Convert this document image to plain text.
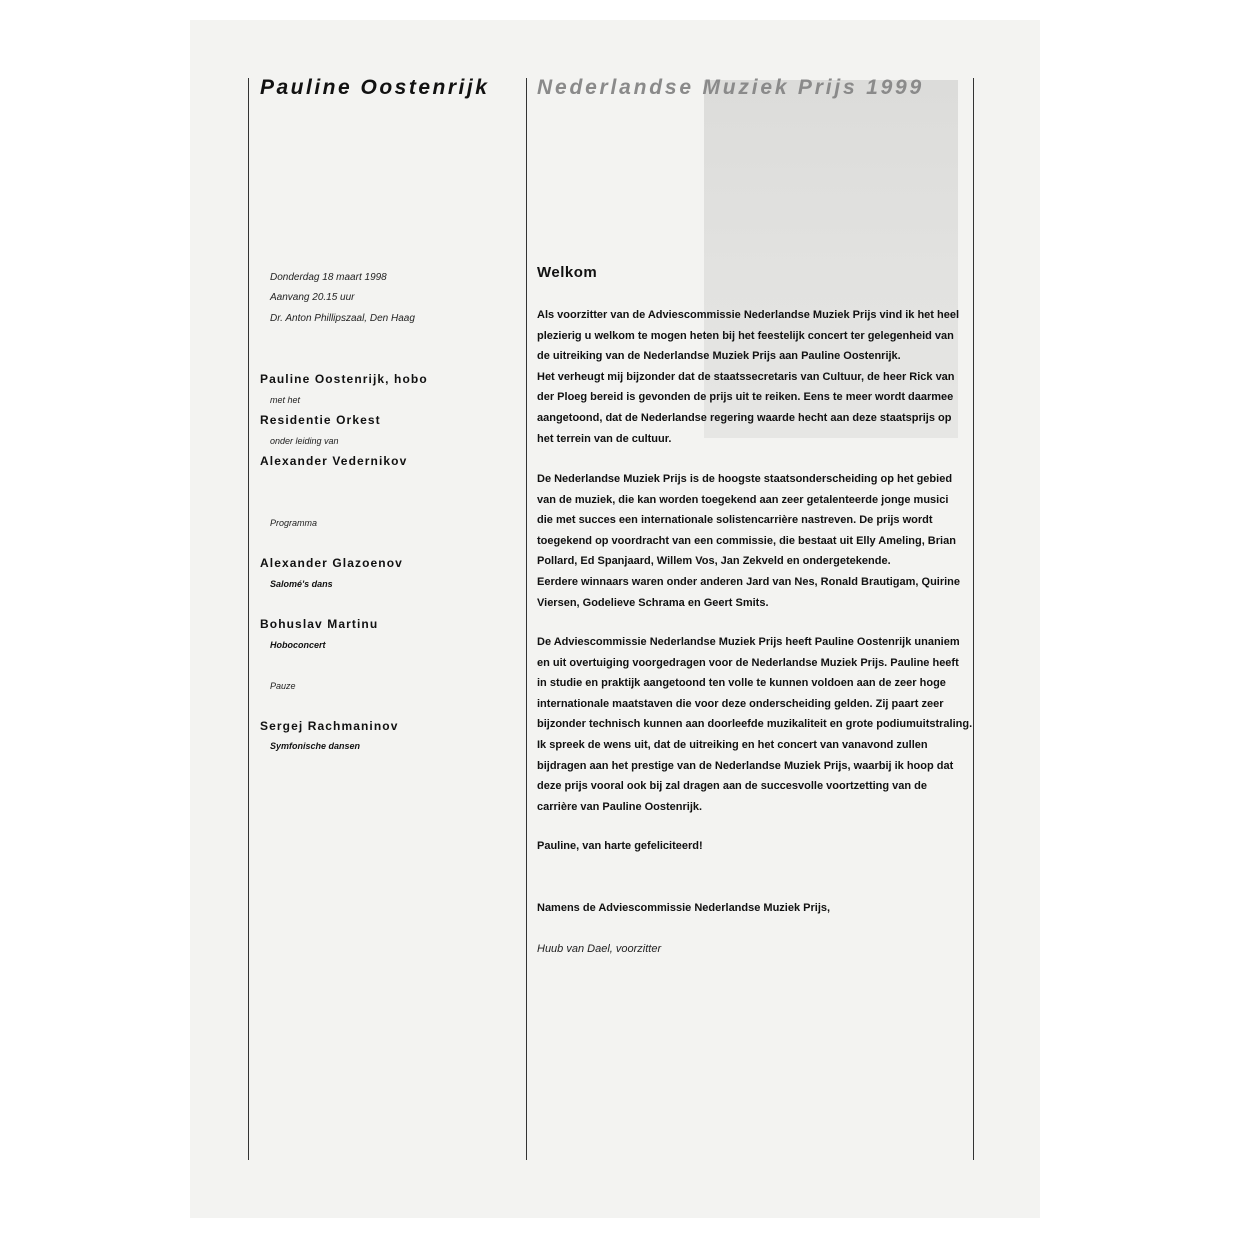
Pauline Oostenrijk Nederlandse Muziek Prijs 1999
Donderdag 18 maart 1998
Aanvang 20.15 uur
Dr. Anton Phillipszaal, Den Haag
Pauline Oostenrijk, hobo
met het
Residentie Orkest
onder leiding van
Alexander Vedernikov
Programma
Alexander Glazoenov
Salomé's dans
Bohuslav Martinu
Hoboconcert
Pauze
Sergej Rachmaninov
Symfonische dansen
Welkom
Als voorzitter van de Adviescommissie Nederlandse Muziek Prijs vind ik het heel
plezierig u welkom te mogen heten bij het feestelijk concert ter gelegenheid van
de uitreiking van de Nederlandse Muziek Prijs aan Pauline Oostenrijk.
Het verheugt mij bijzonder dat de staatssecretaris van Cultuur, de heer Rick van
der Ploeg bereid is gevonden de prijs uit te reiken. Eens te meer wordt daarmee
aangetoond, dat de Nederlandse regering waarde hecht aan deze staatsprijs op
het terrein van de cultuur.
De Nederlandse Muziek Prijs is de hoogste staatsonderscheiding op het gebied
van de muziek, die kan worden toegekend aan zeer getalenteerde jonge musici
die met succes een internationale solistencarrière nastreven. De prijs wordt
toegekend op voordracht van een commissie, die bestaat uit Elly Ameling, Brian
Pollard, Ed Spanjaard, Willem Vos, Jan Zekveld en ondergetekende.
Eerdere winnaars waren onder anderen Jard van Nes, Ronald Brautigam, Quirine
Viersen, Godelieve Schrama en Geert Smits.
De Adviescommissie Nederlandse Muziek Prijs heeft Pauline Oostenrijk unaniem
en uit overtuiging voorgedragen voor de Nederlandse Muziek Prijs. Pauline heeft
in studie en praktijk aangetoond ten volle te kunnen voldoen aan de zeer hoge
internationale maatstaven die voor deze onderscheiding gelden. Zij paart zeer
bijzonder technisch kunnen aan doorleefde muzikaliteit en grote podiumuitstraling.
Ik spreek de wens uit, dat de uitreiking en het concert van vanavond zullen
bijdragen aan het prestige van de Nederlandse Muziek Prijs, waarbij ik hoop dat
deze prijs vooral ook bij zal dragen aan de succesvolle voortzetting van de
carrière van Pauline Oostenrijk.
Pauline, van harte gefeliciteerd!
Namens de Adviescommissie Nederlandse Muziek Prijs,
Huub van Dael, voorzitter
